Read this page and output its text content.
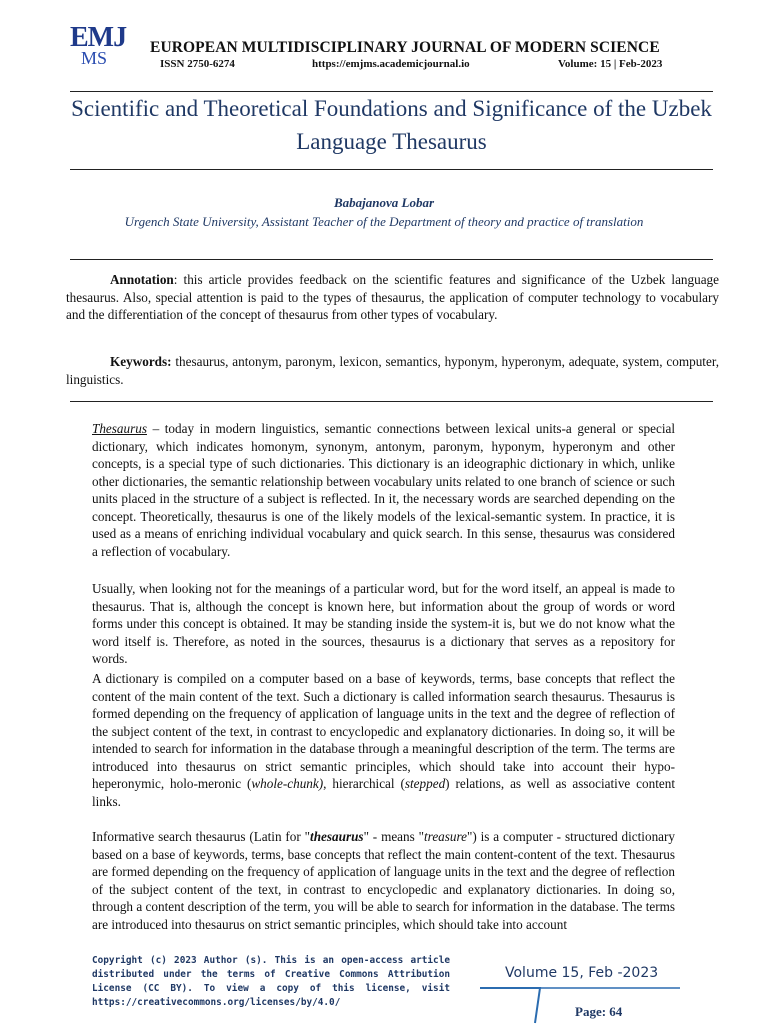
EMJ
MS
EUROPEAN MULTIDISCIPLINARY JOURNAL OF MODERN SCIENCE
ISSN 2750-6274	https://emjms.academicjournal.io	Volume: 15 | Feb-2023
Scientific and Theoretical Foundations and Significance of the Uzbek Language Thesaurus
Babajanova Lobar
Urgench State University, Assistant Teacher of the Department of theory and practice of translation
Annotation: this article provides feedback on the scientific features and significance of the Uzbek language thesaurus. Also, special attention is paid to the types of thesaurus, the application of computer technology to vocabulary and the differentiation of the concept of thesaurus from other types of vocabulary.
Keywords: thesaurus, antonym, paronym, lexicon, semantics, hyponym, hyperonym, adequate, system, computer, linguistics.
Thesaurus – today in modern linguistics, semantic connections between lexical units-a general or special dictionary, which indicates homonym, synonym, antonym, paronym, hyponym, hyperonym and other concepts, is a special type of such dictionaries. This dictionary is an ideographic dictionary in which, unlike other dictionaries, the semantic relationship between vocabulary units related to one branch of science or such units placed in the structure of a subject is reflected. In it, the necessary words are searched depending on the concept. Theoretically, thesaurus is one of the likely models of the lexical-semantic system. In practice, it is used as a means of enriching individual vocabulary and quick search. In this sense, thesaurus was considered a reflection of vocabulary.
Usually, when looking not for the meanings of a particular word, but for the word itself, an appeal is made to thesaurus. That is, although the concept is known here, but information about the group of words or word forms under this concept is obtained. It may be standing inside the system-it is, but we do not know what the word itself is. Therefore, as noted in the sources, thesaurus is a dictionary that serves as a repository for words.
A dictionary is compiled on a computer based on a base of keywords, terms, base concepts that reflect the content of the main content of the text. Such a dictionary is called information search thesaurus. Thesaurus is formed depending on the frequency of application of language units in the text and the degree of reflection of the subject content of the text, in contrast to encyclopedic and explanatory dictionaries. In doing so, it will be intended to search for information in the database through a meaningful description of the term. The terms are introduced into thesaurus on strict semantic principles, which should take into account their hypo-heperonymic, holo-meronic (whole-chunk), hierarchical (stepped) relations, as well as associative content links.
Informative search thesaurus (Latin for "thesaurus" - means "treasure") is a computer - structured dictionary based on a base of keywords, terms, base concepts that reflect the main content-content of the text. Thesaurus are formed depending on the frequency of application of language units in the text and the degree of reflection of the subject content of the text, in contrast to encyclopedic and explanatory dictionaries. In doing so, through a content description of the term, you will be able to search for information in the database. The terms are introduced into thesaurus on strict semantic principles, which should take into account
Copyright (c) 2023 Author (s). This is an open-access article distributed under the terms of Creative Commons Attribution License (CC BY). To view a copy of this license, visit https://creativecommons.org/licenses/by/4.0/
Volume 15, Feb -2023
Page: 64
